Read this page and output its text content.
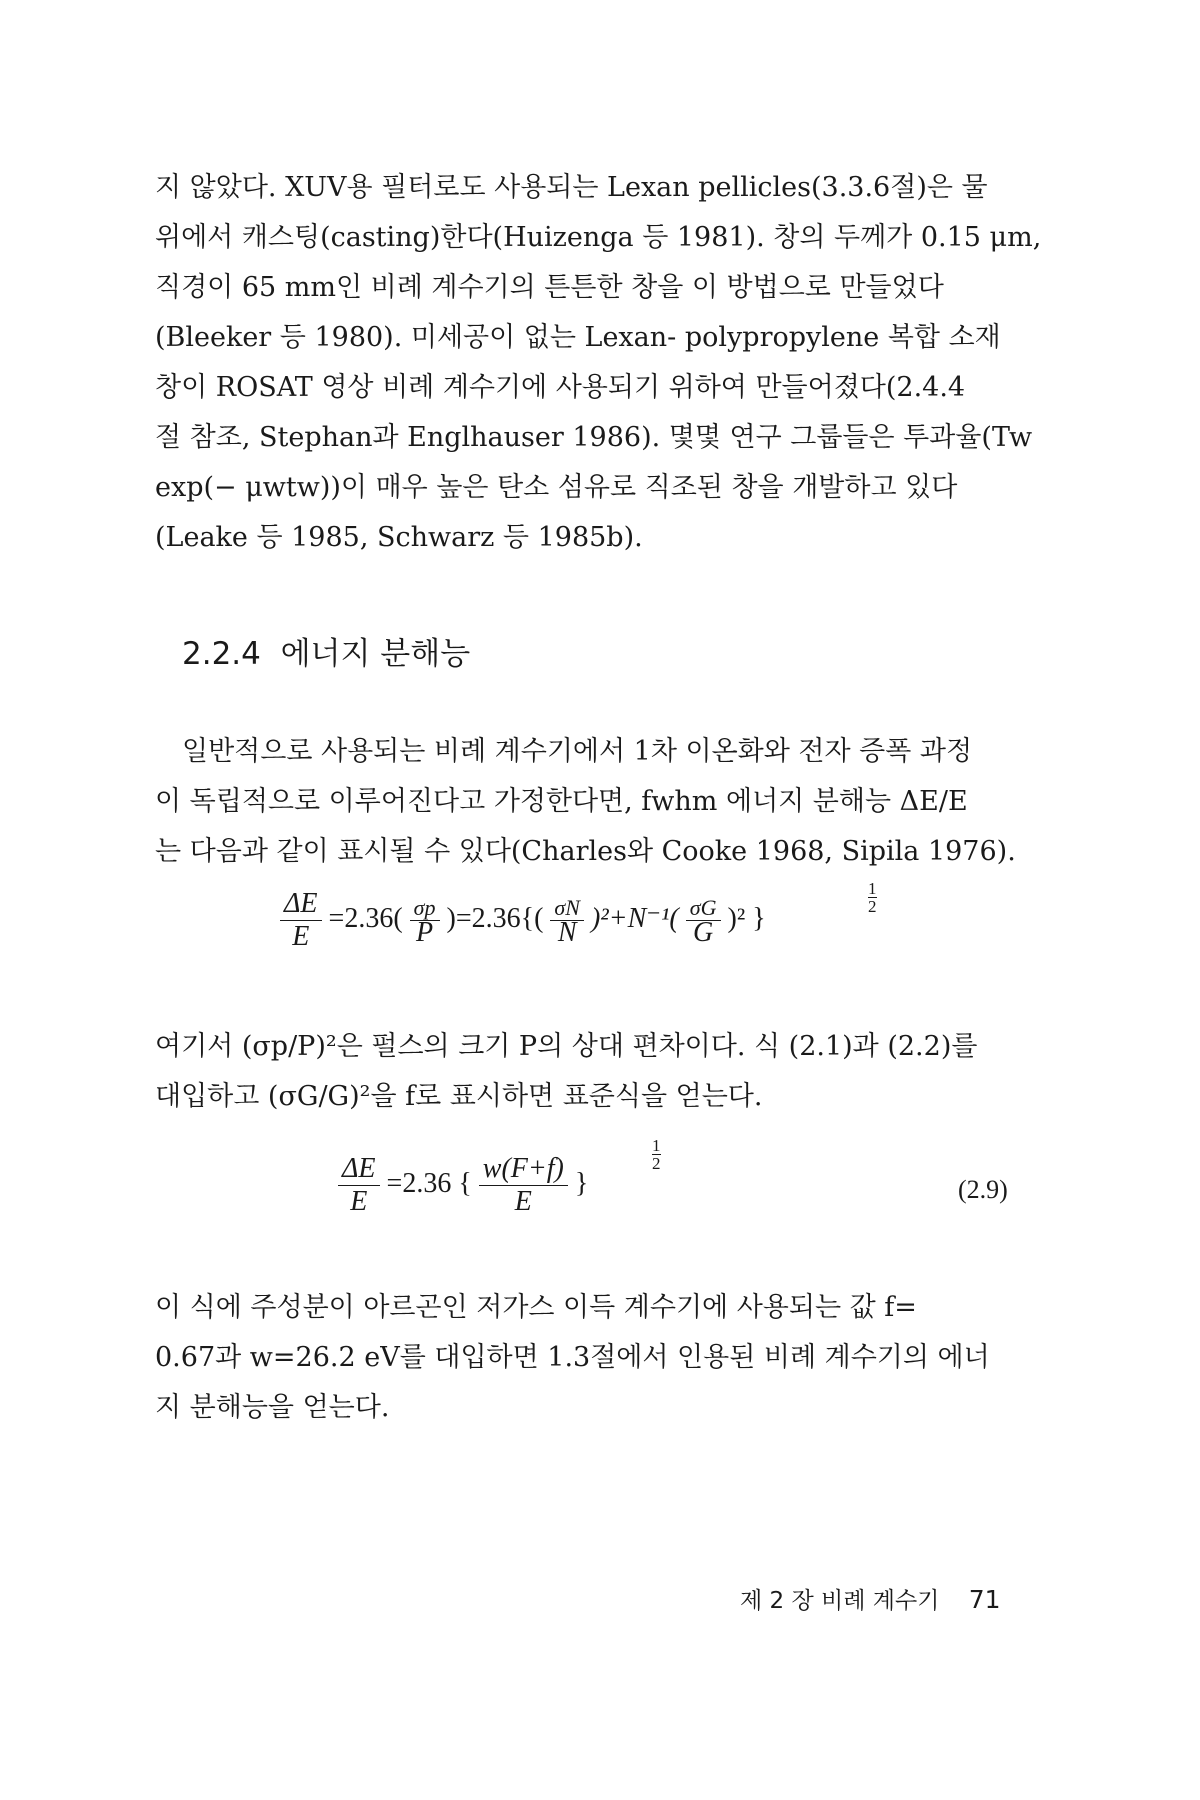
지 않았다. XUV용 필터로도 사용되는 Lexan pellicles(3.3.6절)은 물
위에서 캐스팅(casting)한다(Huizenga 등 1981). 창의 두께가 0.15 μm,
직경이 65 mm인 비례 계수기의 튼튼한 창을 이 방법으로 만들었다
(Bleeker 등 1980). 미세공이 없는 Lexan- polypropylene 복합 소재
창이 ROSAT 영상 비례 계수기에 사용되기 위하여 만들어졌다(2.4.4
절 참조, Stephan과 Englhauser 1986). 몇몇 연구 그룹들은 투과율(Tw
exp(− μwtw))이 매우 높은 탄소 섬유로 직조된 창을 개발하고 있다
(Leake 등 1985, Schwarz 등 1985b).

2.2.4 에너지 분해능

일반적으로 사용되는 비례 계수기에서 1차 이온화와 전자 증폭 과정
이 독립적으로 이루어진다고 가정한다면, fwhm 에너지 분해능 ΔE/E
는 다음과 같이 표시될 수 있다(Charles와 Cooke 1968, Sipila 1976).

$\frac{\Delta E}{E} =2.36( \frac{\sigma p}{P} )=2.36\{( \frac{\sigma N}{N} )^2+N^{-1}( \frac{\sigma G}{G} )^2$ }
1
2

여기서 (σp/P)²은 펄스의 크기 P의 상대 편차이다. 식 (2.1)과 (2.2)를
대입하고 (σG/G)²을 f로 표시하면 표준식을 얻는다.

$\frac{\Delta E}{E} =2.36$ { $\frac{w(F+f)}{E}$ }
1
2
(2.9)

이 식에 주성분이 아르곤인 저가스 이득 계수기에 사용되는 값 f=
0.67과 w=26.2 eV를 대입하면 1.3절에서 인용된 비례 계수기의 에너
지 분해능을 얻는다.

제 2 장 비례 계수기 71
